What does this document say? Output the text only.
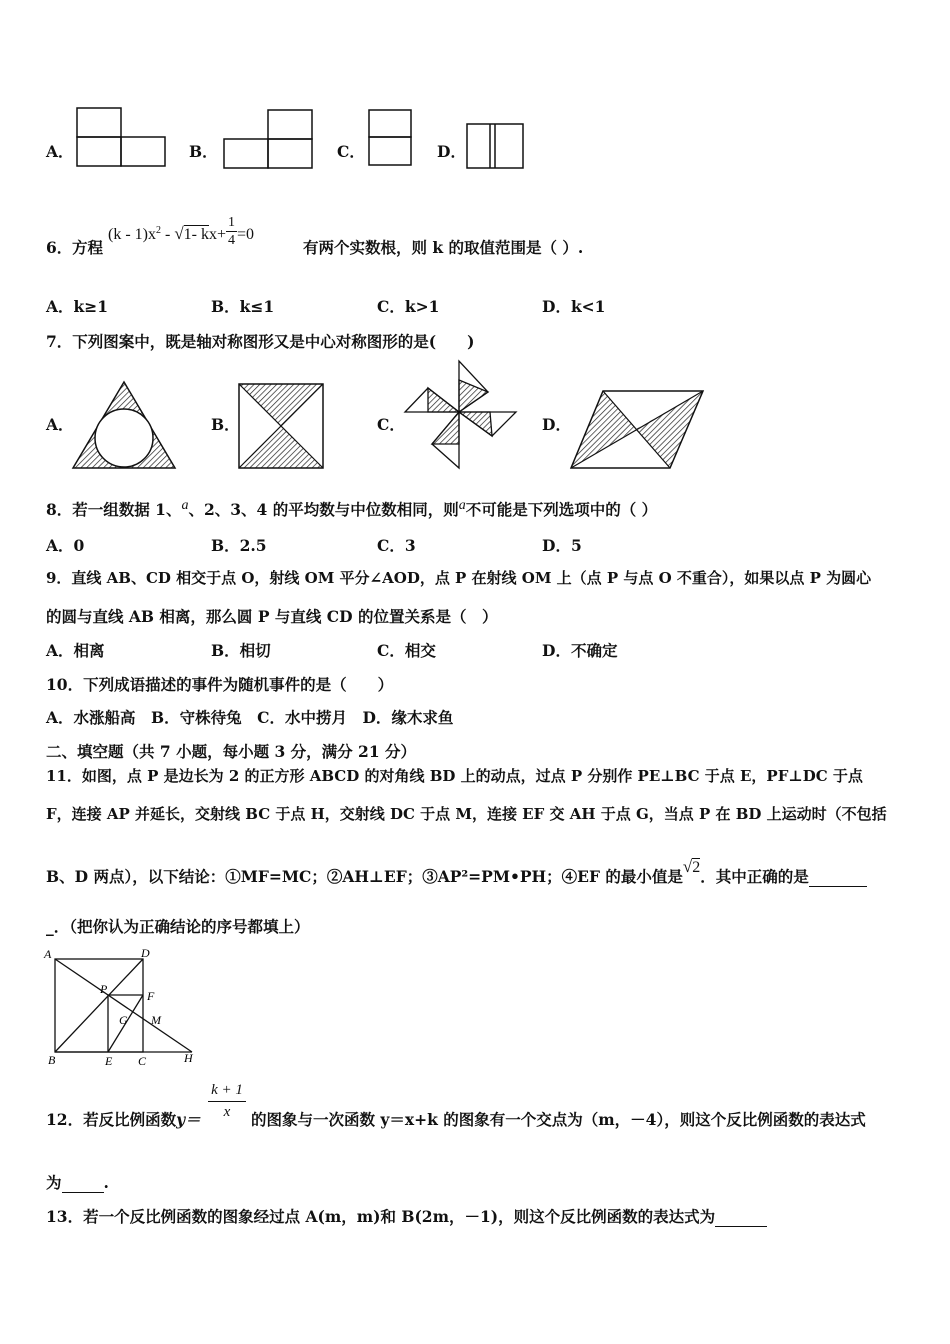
A．	B．	C．	D．
6． 方程
$(k - 1)x^2 - √1-$ $kx+ \frac{1}{4} =0$
有两个实数根，则 k 的取值范围是（ ）.
A．k≥1	B．k≤1	C．k>1	D．k<1
7．下列图案中，既是轴对称图形又是中心对称图形的是(　　)
A．	B．	C．	D．
8．若一组数据 1、$^a$、2、3、4 的平均数与中位数相同，则$^a$不可能是下列选项中的（ ）
A．0	B．2.5	C．3	D．5
9．直线 AB、CD 相交于点 O，射线 OM 平分∠AOD，点 P 在射线 OM 上（点 P 与点 O 不重合），如果以点 P 为圆心
的圆与直线 AB 相离，那么圆 P 与直线 CD 的位置关系是（　）
A．相离	B．相切	C．相交	D．不确定
10．下列成语描述的事件为随机事件的是（　　）
A．水涨船高　B．守株待兔　C．水中捞月　D．缘木求鱼
二、填空题（共 7 小题，每小题 3 分，满分 21 分）
11．如图，点 P 是边长为 2 的正方形 ABCD 的对角线 BD 上的动点，过点 P 分别作 PE⊥BC 于点 E，PF⊥DC 于点
F，连接 AP 并延长，交射线 BC 于点 H，交射线 DC 于点 M，连接 EF 交 AH 于点 G，当点 P 在 BD 上运动时（不包括
B、D 两点），以下结论：①MF=MC；②AH⊥EF；③AP²=PM•PH；④EF 的最小值是√2．其中正确的是
_．（把你认为正确结论的序号都填上）
A	D
P	F
G M
B	E C	H
12．若反比例函数$y= \frac{k + 1}{x}$ 的图象与一次函数 y＝x+k 的图象有一个交点为（m，－4），则这个反比例函数的表达式
为	.
13．若一个反比例函数的图象经过点 A(m，m)和 B(2m，－1)，则这个反比例函数的表达式为
